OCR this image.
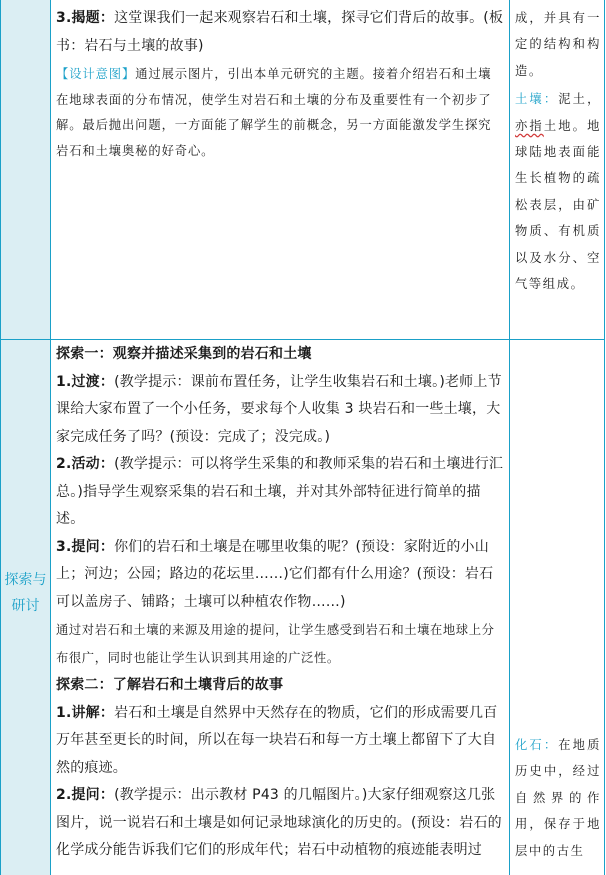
探索与研讨

3.揭题：这堂课我们一起来观察岩石和土壤，探寻它们背后的故事。(板书：岩石与土壤的故事)

【设计意图】通过展示图片，引出本单元研究的主题。接着介绍岩石和土壤在地球表面的分布情况，使学生对岩石和土壤的分布及重要性有一个初步了解。最后抛出问题，一方面能了解学生的前概念，另一方面能激发学生探究岩石和土壤奥秘的好奇心。

成，并具有一定的结构和构造。

土壤：泥土，亦指土地。地球陆地表面能生长植物的疏松表层，由矿物质、有机质以及水分、空气等组成。

探索一：观察并描述采集到的岩石和土壤

1.过渡：(教学提示：课前布置任务，让学生收集岩石和土壤。)老师上节课给大家布置了一个小任务，要求每个人收集 3 块岩石和一些土壤，大家完成任务了吗？(预设：完成了；没完成。)

2.活动：(教学提示：可以将学生采集的和教师采集的岩石和土壤进行汇总。)指导学生观察采集的岩石和土壤，并对其外部特征进行简单的描述。

3.提问：你们的岩石和土壤是在哪里收集的呢？(预设：家附近的小山上；河边；公园；路边的花坛里……)它们都有什么用途？(预设：岩石可以盖房子、铺路；土壤可以种植农作物……)

通过对岩石和土壤的来源及用途的提问，让学生感受到岩石和土壤在地球上分布很广，同时也能让学生认识到其用途的广泛性。

探索二：了解岩石和土壤背后的故事

1.讲解：岩石和土壤是自然界中天然存在的物质，它们的形成需要几百万年甚至更长的时间，所以在每一块岩石和每一方土壤上都留下了大自然的痕迹。

2.提问：(教学提示：出示教材 P43 的几幅图片。)大家仔细观察这几张图片，说一说岩石和土壤是如何记录地球演化的历史的。(预设：岩石的化学成分能告诉我们它们的形成年代；岩石中动植物的痕迹能表明过

化石：在地质历史中，经过自然界的作用，保存于地层中的古生
